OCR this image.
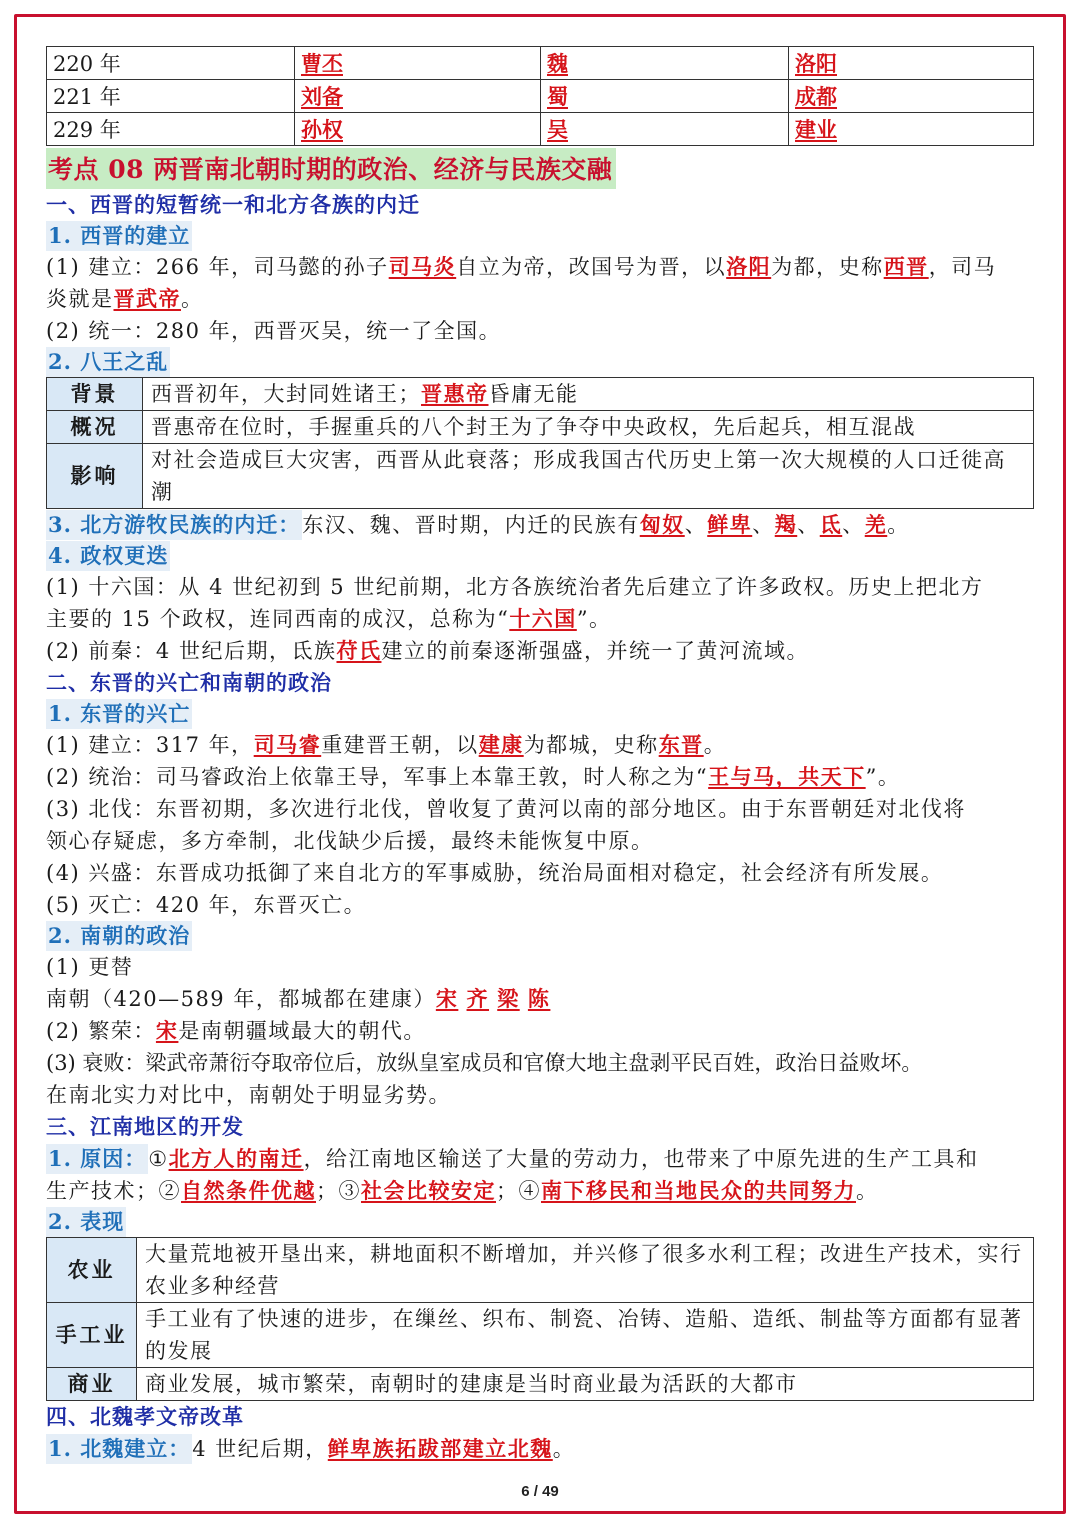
220 年	曹丕	魏	洛阳
221 年	刘备	蜀	成都
229 年	孙权	吴	建业
考点 08 两晋南北朝时期的政治、经济与民族交融
一、西晋的短暂统一和北方各族的内迁
1. 西晋的建立
(1) 建立：266 年，司马懿的孙子司马炎自立为帝，改国号为晋，以洛阳为都，史称西晋，司马
炎就是晋武帝。
(2) 统一：280 年，西晋灭吴，统一了全国。
2. 八王之乱
背景	西晋初年，大封同姓诸王；晋惠帝昏庸无能
概况	晋惠帝在位时，手握重兵的八个封王为了争夺中央政权，先后起兵，相互混战
影响	对社会造成巨大灾害，西晋从此衰落；形成我国古代历史上第一次大规模的人口迁徙高潮
3. 北方游牧民族的内迁：东汉、魏、晋时期，内迁的民族有匈奴、鲜卑、羯、氐、羌。
4. 政权更迭
(1) 十六国：从 4 世纪初到 5 世纪前期，北方各族统治者先后建立了许多政权。历史上把北方
主要的 15 个政权，连同西南的成汉，总称为“十六国”。
(2) 前秦：4 世纪后期，氐族苻氏建立的前秦逐渐强盛，并统一了黄河流域。
二、东晋的兴亡和南朝的政治
1. 东晋的兴亡
(1) 建立：317 年，司马睿重建晋王朝，以建康为都城，史称东晋。
(2) 统治：司马睿政治上依靠王导，军事上本靠王敦，时人称之为“王与马，共天下”。
(3) 北伐：东晋初期，多次进行北伐，曾收复了黄河以南的部分地区。由于东晋朝廷对北伐将
领心存疑虑，多方牵制，北伐缺少后援，最终未能恢复中原。
(4) 兴盛：东晋成功抵御了来自北方的军事威胁，统治局面相对稳定，社会经济有所发展。
(5) 灭亡：420 年，东晋灭亡。
2. 南朝的政治
(1) 更替
南朝（420—589 年，都城都在建康）宋 齐 梁 陈
(2) 繁荣：宋是南朝疆域最大的朝代。
(3) 衰败：梁武帝萧衍夺取帝位后，放纵皇室成员和官僚大地主盘剥平民百姓，政治日益败坏。
在南北实力对比中，南朝处于明显劣势。
三、江南地区的开发
1. 原因：①北方人的南迁，给江南地区输送了大量的劳动力，也带来了中原先进的生产工具和
生产技术；②自然条件优越；③社会比较安定；④南下移民和当地民众的共同努力。
2. 表现
农业	大量荒地被开垦出来，耕地面积不断增加，并兴修了很多水利工程；改进生产技术，实行农业多种经营
手工业	手工业有了快速的进步，在缫丝、织布、制瓷、冶铸、造船、造纸、制盐等方面都有显著的发展
商业	商业发展，城市繁荣，南朝时的建康是当时商业最为活跃的大都市
四、北魏孝文帝改革
1. 北魏建立：4 世纪后期，鲜卑族拓跋部建立北魏。
6 / 49
